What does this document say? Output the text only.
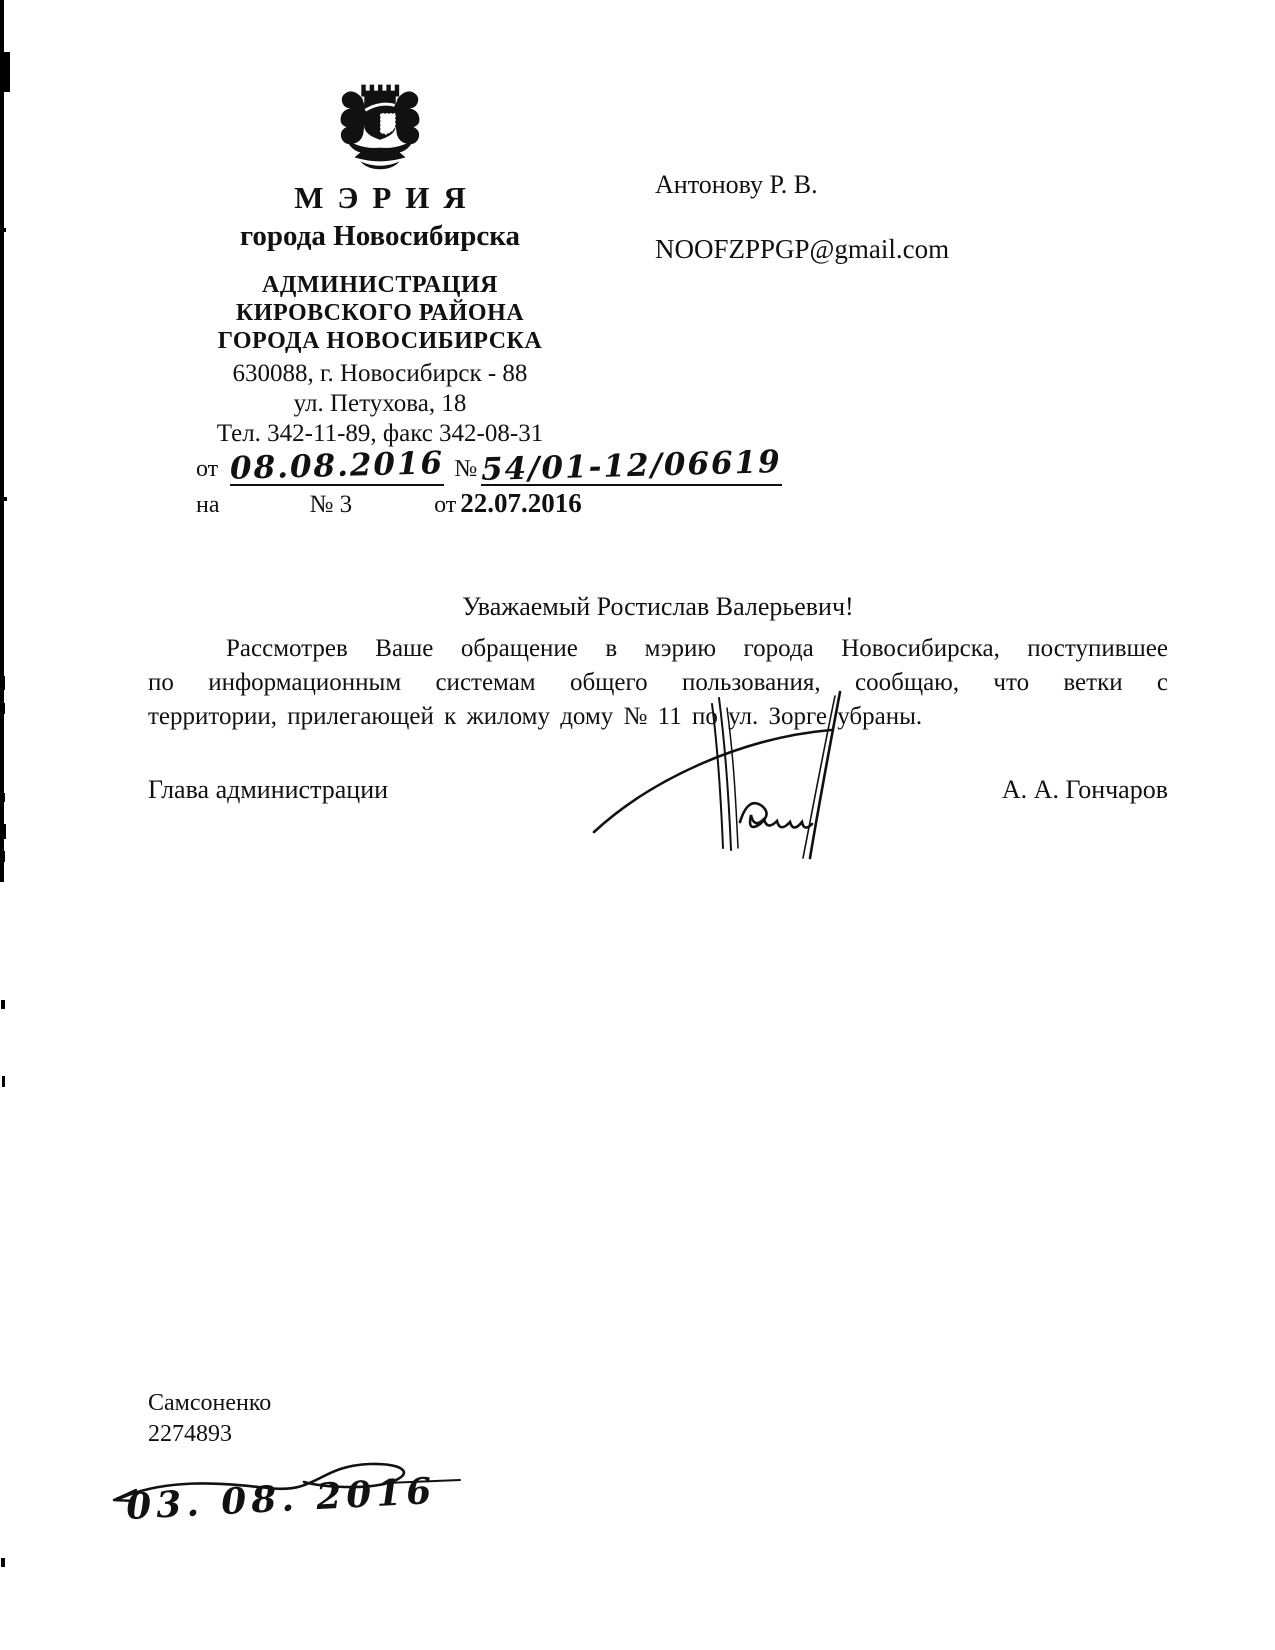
МЭРИЯ
города Новосибирска
АДМИНИСТРАЦИЯ
КИРОВСКОГО РАЙОНА
ГОРОДА НОВОСИБИРСКА
630088, г. Новосибирск - 88
ул. Петухова, 18
Тел. 342-11-89, факс 342-08-31
от 08.08.2016 № 54/01-12/06619
на	№ 3	от 22.07.2016
Антонову Р. В.
NOOFZPPGP@gmail.com
Уважаемый Ростислав Валерьевич!
Рассмотрев Ваше обращение в мэрию города Новосибирска, поступившее
по информационным системам общего пользования, сообщаю, что ветки с
территории, прилегающей к жилому дому № 11 по ул. Зорге убраны.
Глава администрации	А. А. Гончаров
Самсоненко
2274893
03. 08. 2016
